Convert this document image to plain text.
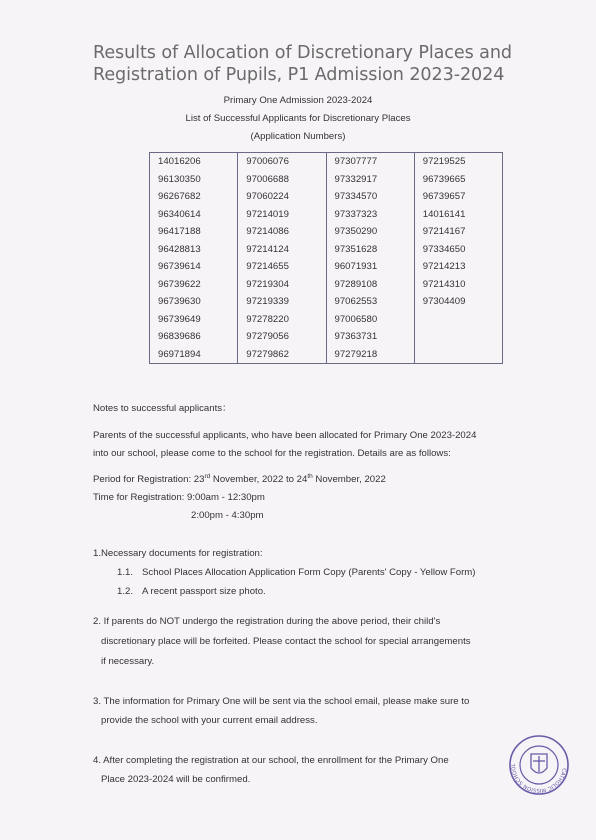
Results of Allocation of Discretionary Places and
Registration of Pupils, P1 Admission 2023-2024
Primary One Admission 2023-2024
List of Successful Applicants for Discretionary Places
(Application Numbers)
14016206	97006076	97307777	97219525
96130350	97006688	97332917	96739665
96267682	97060224	97334570	96739657
96340614	97214019	97337323	14016141
96417188	97214086	97350290	97214167
96428813	97214124	97351628	97334650
96739614	97214655	96071931	97214213
96739622	97219304	97289108	97214310
96739630	97219339	97062553	97304409
96739649	97278220	97006580	
96839686	97279056	97363731	
96971894	97279862	97279218	
Notes to successful applicants：
Parents of the successful applicants, who have been allocated for Primary One 2023-2024
into our school, please come to the school for the registration. Details are as follows:
Period for Registration: 23rd November, 2022 to 24th November, 2022
Time for Registration: 9:00am - 12:30pm
2:00pm - 4:30pm
1.Necessary documents for registration:
1.1. School Places Allocation Application Form Copy (Parents' Copy - Yellow Form)
1.2. A recent passport size photo.
2. If parents do NOT undergo the registration during the above period, their child's
discretionary place will be forfeited. Please contact the school for special arrangements
if necessary.
3. The information for Primary One will be sent via the school email, please make sure to
provide the school with your current email address.
4. After completing the registration at our school, the enrollment for the Primary One
Place 2023-2024 will be confirmed.
CATHOLIC MISSION SCHOOL
